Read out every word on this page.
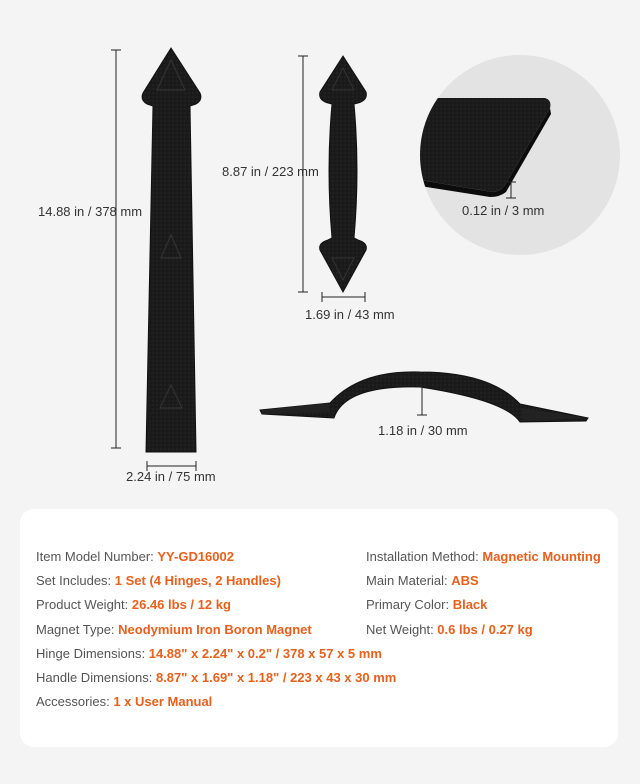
14.88 in / 378 mm
2.24 in / 75 mm
8.87 in / 223 mm
1.69 in / 43 mm
0.12 in / 3 mm
1.18 in / 30 mm
Item Model Number: YY-GD16002
Set Includes: 1 Set (4 Hinges, 2 Handles)
Product Weight: 26.46 lbs / 12 kg
Magnet Type: Neodymium Iron Boron Magnet
Hinge Dimensions: 14.88" x 2.24" x 0.2" / 378 x 57 x 5 mm
Handle Dimensions: 8.87" x 1.69" x 1.18" / 223 x 43 x 30 mm
Accessories: 1 x User Manual
Installation Method: Magnetic Mounting
Main Material: ABS
Primary Color: Black
Net Weight: 0.6 lbs / 0.27 kg
